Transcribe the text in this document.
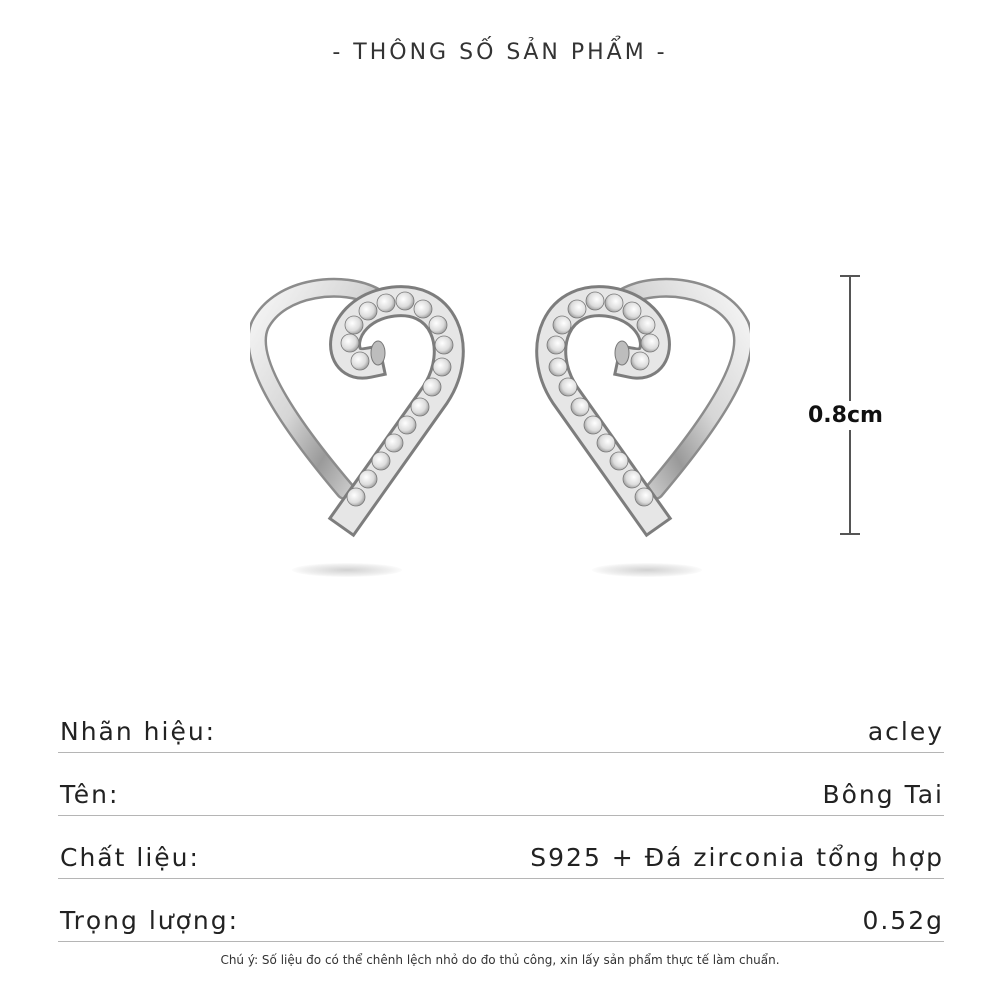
- THÔNG SỐ SẢN PHẨM -
0.8cm
Nhãn hiệu:	acley
Tên:	Bông Tai
Chất liệu:	S925 + Đá zirconia tổng hợp
Trọng lượng:	0.52g
Chú ý: Số liệu đo có thể chênh lệch nhỏ do đo thủ công, xin lấy sản phẩm thực tế làm chuẩn.
